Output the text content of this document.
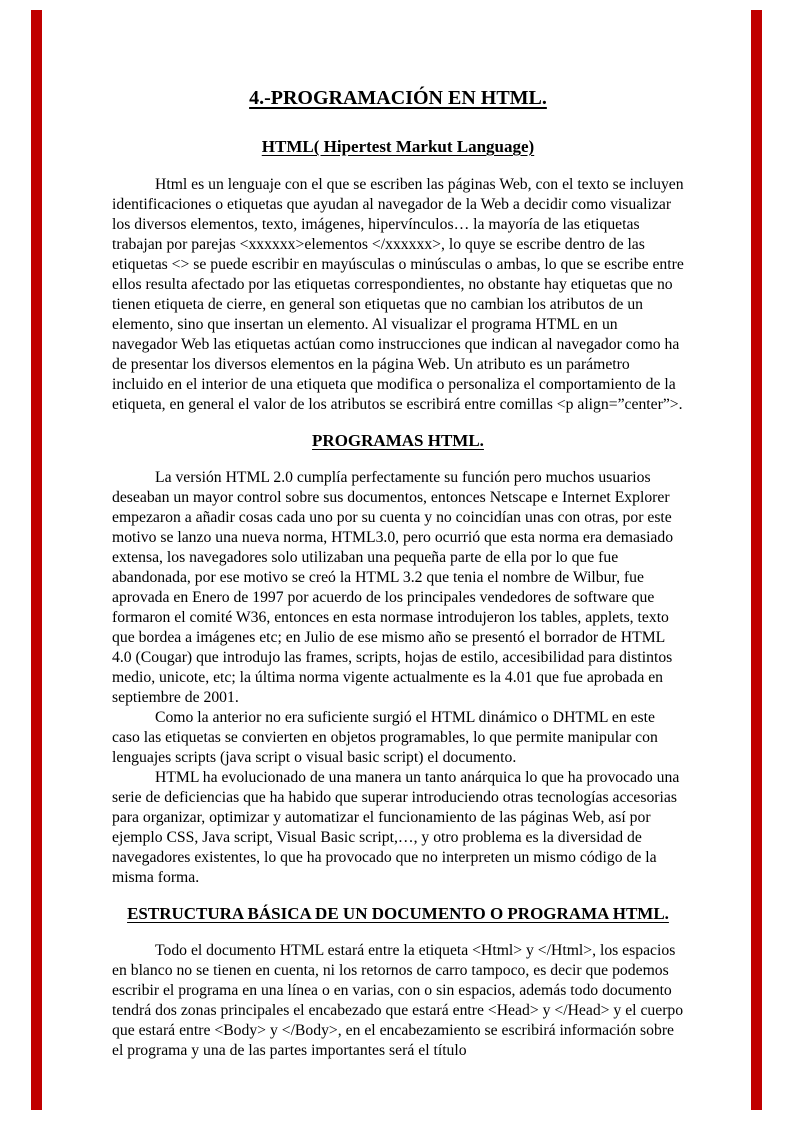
4.-PROGRAMACIÓN EN HTML.
HTML( Hipertest Markut Language)

Html es un lenguaje con el que se escriben las páginas Web, con el texto se incluyen identificaciones o etiquetas que ayudan al navegador de la Web a decidir como visualizar los diversos elementos, texto, imágenes, hipervínculos… la mayoría de las etiquetas trabajan por parejas <xxxxxx>elementos </xxxxxx>, lo quye se escribe dentro de las etiquetas <> se puede escribir en mayúsculas o minúsculas o ambas, lo que se escribe entre ellos resulta afectado por las etiquetas correspondientes, no obstante hay etiquetas que no tienen etiqueta de cierre, en general son etiquetas que no cambian los atributos de un elemento, sino que insertan un elemento. Al visualizar el programa HTML en un navegador Web las etiquetas actúan como instrucciones que indican al navegador como ha de presentar los diversos elementos en la página Web. Un atributo es un parámetro incluido en el interior de una etiqueta que modifica o personaliza el comportamiento de la etiqueta, en general el valor de los atributos se escribirá entre comillas <p align=”center”>.

PROGRAMAS HTML.

La versión HTML 2.0 cumplía perfectamente su función pero muchos usuarios deseaban un mayor control sobre sus documentos, entonces Netscape e Internet Explorer empezaron a añadir cosas cada uno por su cuenta y no coincidían unas con otras, por este motivo se lanzo una nueva norma, HTML3.0, pero ocurrió que esta norma era demasiado extensa, los navegadores solo utilizaban una pequeña parte de ella por lo que fue abandonada, por ese motivo se creó la HTML 3.2 que tenia el nombre de Wilbur, fue aprovada en Enero de 1997 por acuerdo de los principales vendedores de software que formaron el comité W36, entonces en esta normase introdujeron los tables, applets, texto que bordea a imágenes etc; en Julio de ese mismo año se presentó el borrador de HTML 4.0 (Cougar) que introdujo las frames, scripts, hojas de estilo, accesibilidad para distintos medio, unicote, etc; la última norma vigente actualmente es la 4.01 que fue aprobada en septiembre de 2001.

Como la anterior no era suficiente surgió el HTML dinámico o DHTML en este caso las etiquetas se convierten en objetos programables, lo que permite manipular con lenguajes scripts (java script o visual basic script) el documento.

HTML ha evolucionado de una manera un tanto anárquica lo que ha provocado una serie de deficiencias que ha habido que superar introduciendo otras tecnologías accesorias para organizar, optimizar y automatizar el funcionamiento de las páginas Web, así por ejemplo CSS, Java script, Visual Basic script,…, y otro problema es la diversidad de navegadores existentes, lo que ha provocado que no interpreten un mismo código de la misma forma.

ESTRUCTURA BÁSICA DE UN DOCUMENTO O PROGRAMA HTML.

Todo el documento HTML estará entre la etiqueta <Html> y </Html>, los espacios en blanco no se tienen en cuenta, ni los retornos de carro tampoco, es decir que podemos escribir el programa en una línea o en varias, con o sin espacios, además todo documento tendrá dos zonas principales el encabezado que estará entre <Head> y </Head> y el cuerpo que estará entre <Body> y </Body>, en el encabezamiento se escribirá información sobre el programa y una de las partes importantes será el título
